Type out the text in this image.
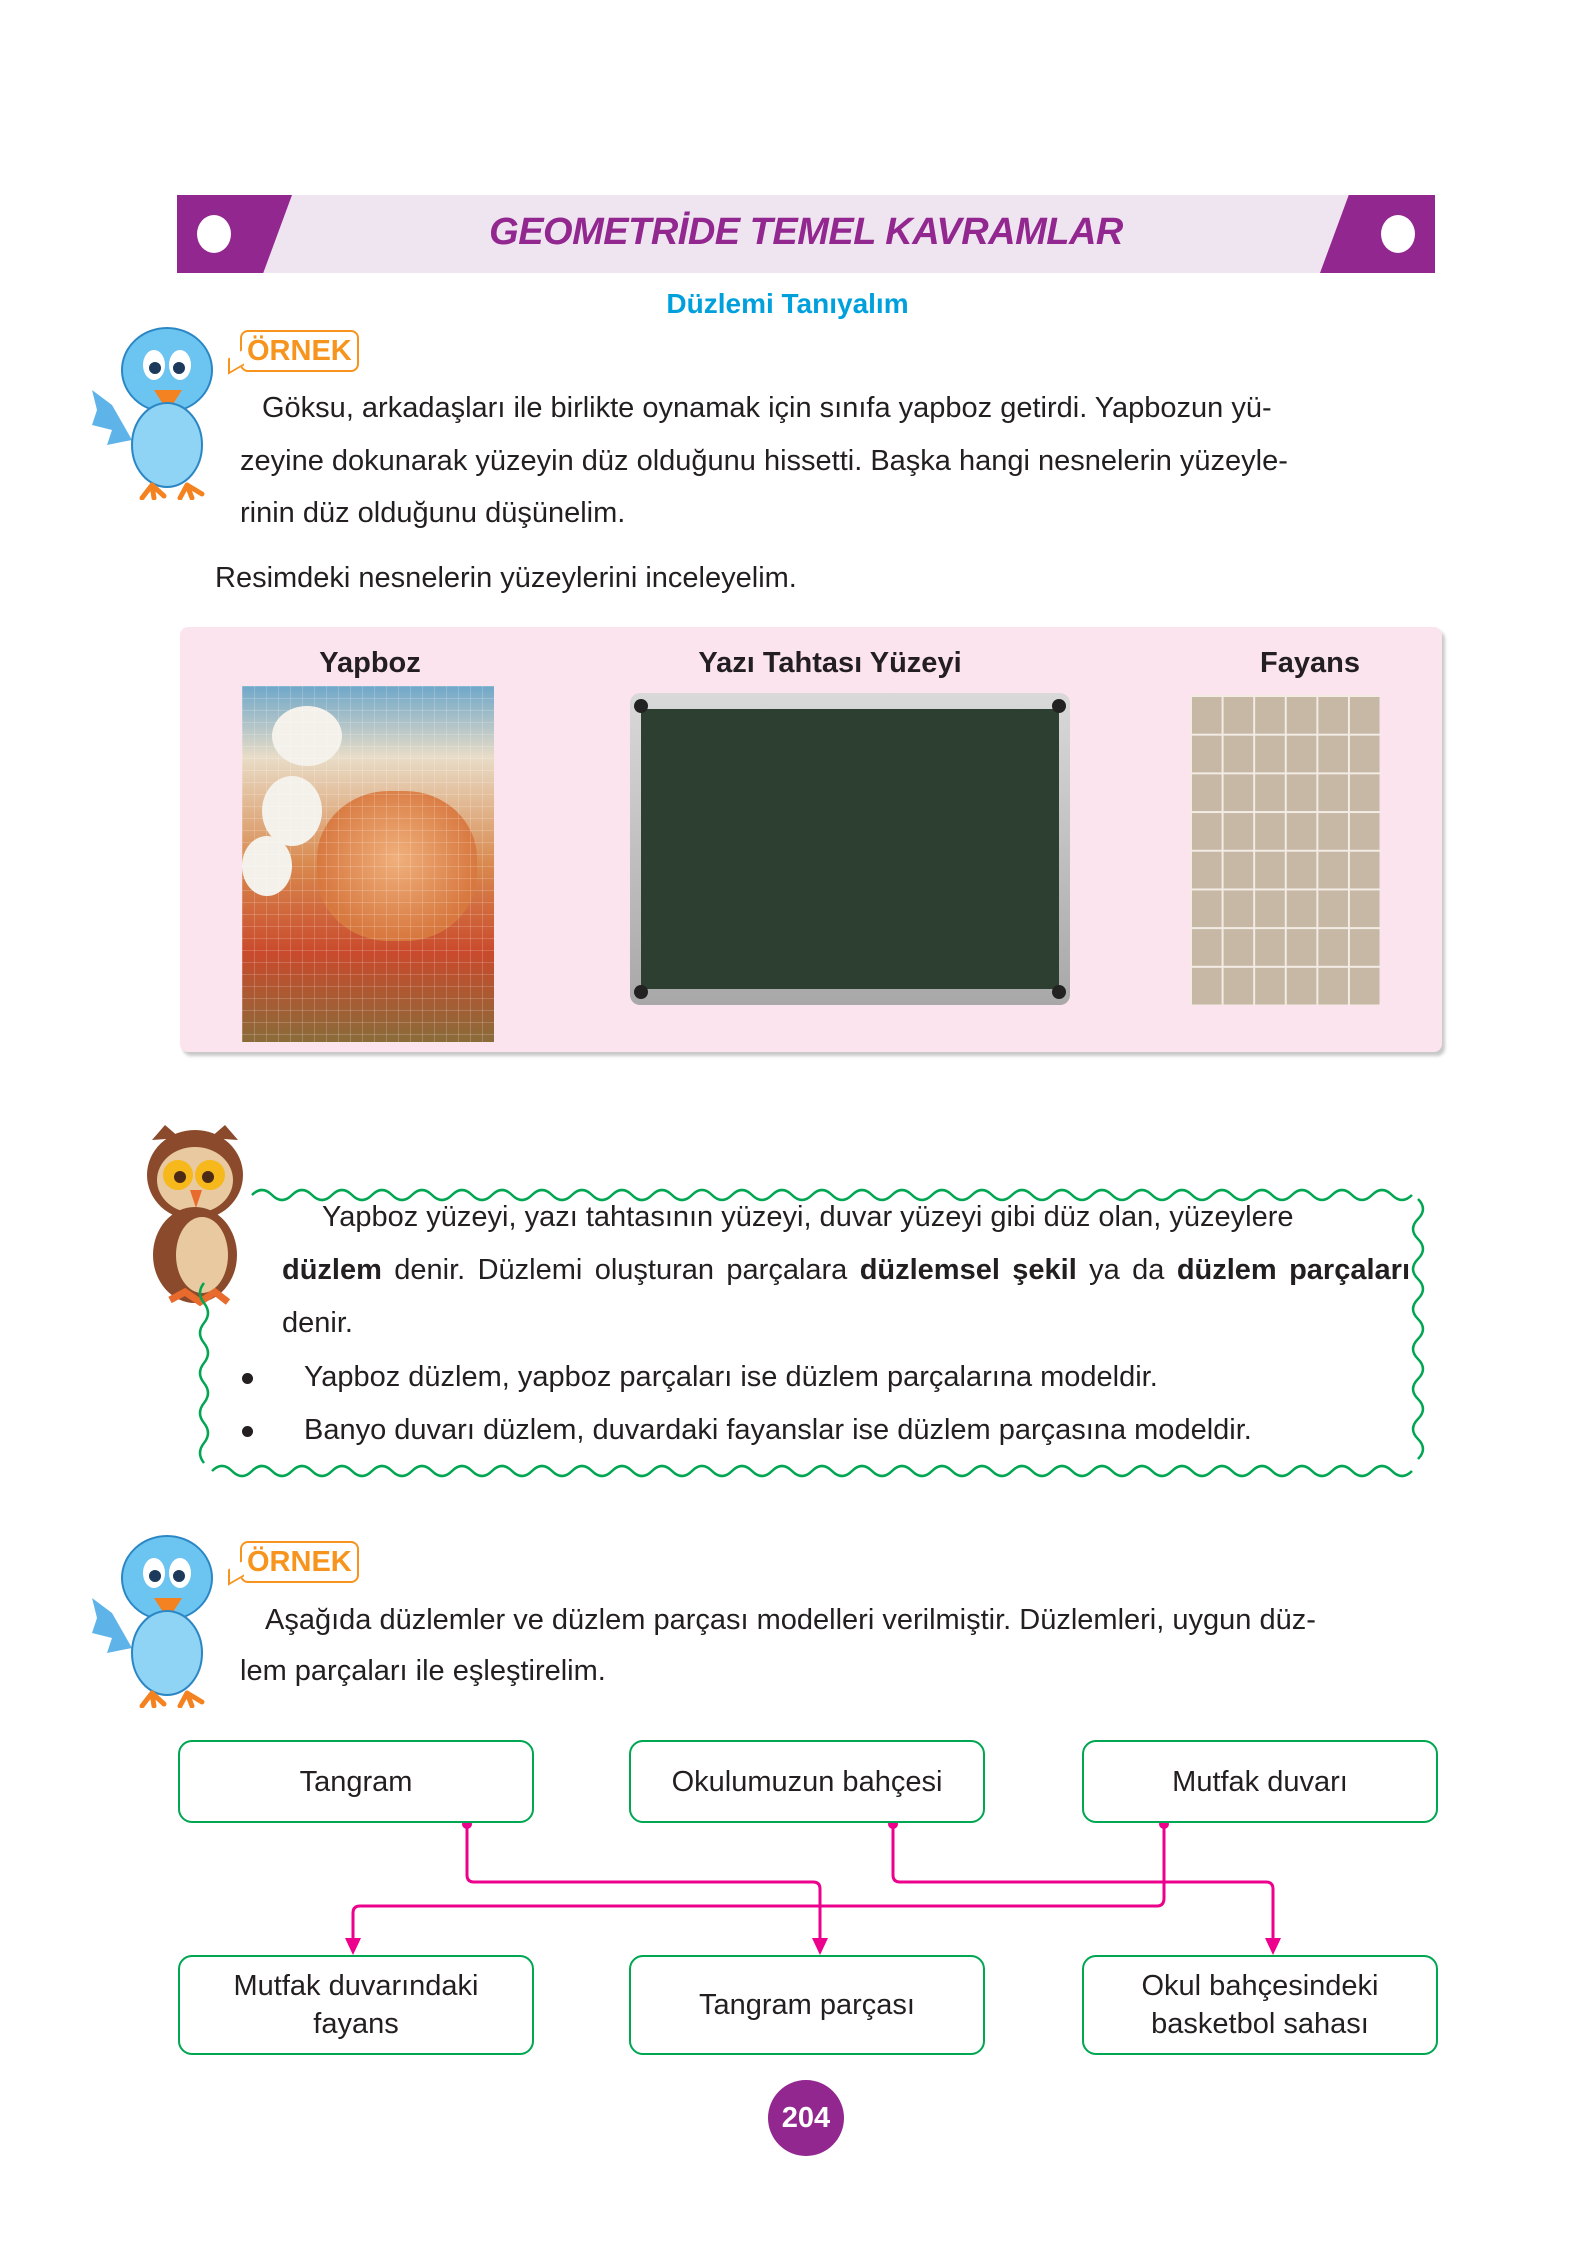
GEOMETRİDE TEMEL KAVRAMLAR
Düzlemi Tanıyalım
ÖRNEK
Göksu, arkadaşları ile birlikte oynamak için sınıfa yapboz getirdi. Yapbozun yü-
zeyine dokunarak yüzeyin düz olduğunu hissetti. Başka hangi nesnelerin yüzeyle-
rinin düz olduğunu düşünelim.
Resimdeki nesnelerin yüzeylerini inceleyelim.
Yapboz	Yazı Tahtası Yüzeyi	Fayans
Yapboz yüzeyi, yazı tahtasının yüzeyi, duvar yüzeyi gibi düz olan, yüzeylere
düzlem denir. Düzlemi oluşturan parçalara düzlemsel şekil ya da düzlem parçaları denir.
Yapboz düzlem, yapboz parçaları ise düzlem parçalarına modeldir.
Banyo duvarı düzlem, duvardaki fayanslar ise düzlem parçasına modeldir.
ÖRNEK
Aşağıda düzlemler ve düzlem parçası modelleri verilmiştir. Düzlemleri, uygun düz-
lem parçaları ile eşleştirelim.
Tangram	Okulumuzun bahçesi	Mutfak duvarı
Mutfak duvarındaki fayans
Tangram parçası
Okul bahçesindeki basketbol sahası
204
